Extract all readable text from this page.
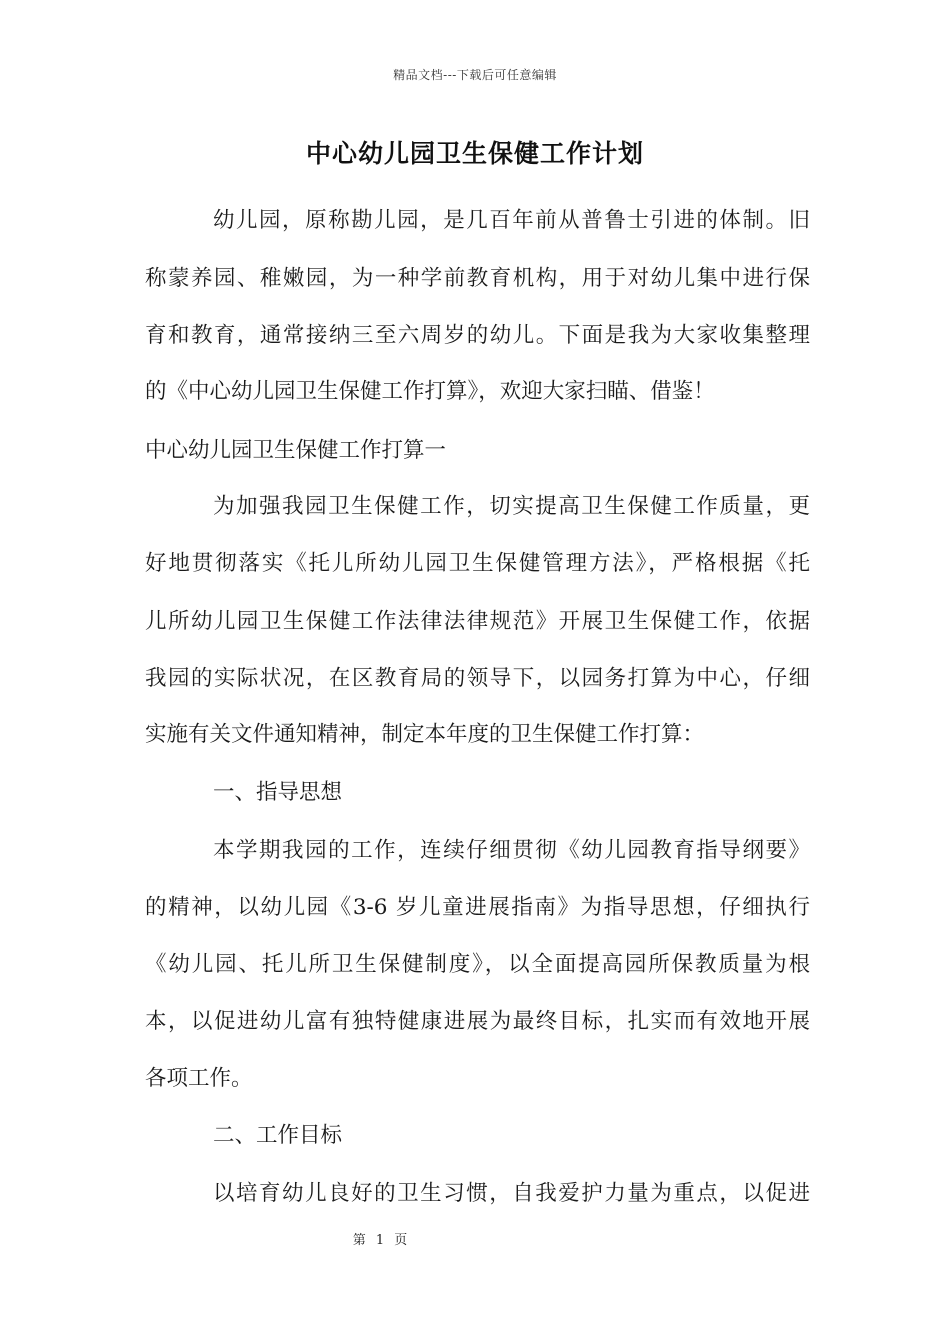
精品文档---下载后可任意编辑
中心幼儿园卫生保健工作计划
幼儿园，原称勘儿园，是几百年前从普鲁士引进的体制。旧
称蒙养园、稚嫩园，为一种学前教育机构，用于对幼儿集中进行保
育和教育，通常接纳三至六周岁的幼儿。下面是我为大家收集整理
的《中心幼儿园卫生保健工作打算》，欢迎大家扫瞄、借鉴！
中心幼儿园卫生保健工作打算一
为加强我园卫生保健工作，切实提高卫生保健工作质量，更
好地贯彻落实《托儿所幼儿园卫生保健管理方法》，严格根据《托
儿所幼儿园卫生保健工作法律法律规范》开展卫生保健工作，依据
我园的实际状况，在区教育局的领导下，以园务打算为中心，仔细
实施有关文件通知精神，制定本年度的卫生保健工作打算：
一、指导思想
本学期我园的工作，连续仔细贯彻《幼儿园教育指导纲要》
的精神，以幼儿园《3-6 岁儿童进展指南》为指导思想，仔细执行
《幼儿园、托儿所卫生保健制度》，以全面提高园所保教质量为根
本，以促进幼儿富有独特健康进展为最终目标，扎实而有效地开展
各项工作。
二、工作目标
以培育幼儿良好的卫生习惯，自我爱护力量为重点，以促进
第 1 页
